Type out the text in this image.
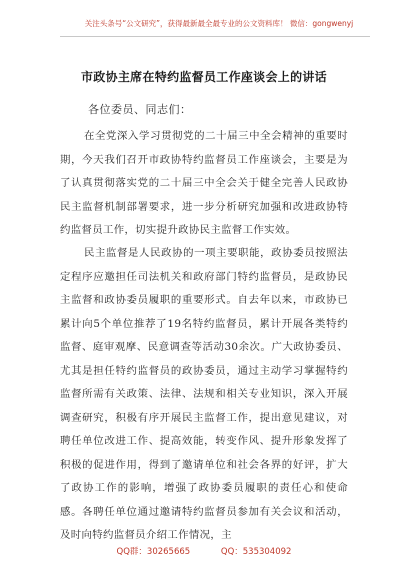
关注头条号“公文研究”，获得最新最全最专业的公文资料库！ 微信：gongwenyj
市政协主席在特约监督员工作座谈会上的讲话
各位委员、同志们：

在全党深入学习贯彻党的二十届三中全会精神的重要时期，今天我们召开市政协特约监督员工作座谈会，主要是为了认真贯彻落实党的二十届三中全会关于健全完善人民政协民主监督机制部署要求，进一步分析研究加强和改进政协特约监督员工作，切实提升政协民主监督工作实效。

民主监督是人民政协的一项主要职能，政协委员按照法定程序应邀担任司法机关和政府部门特约监督员，是政协民主监督和政协委员履职的重要形式。自去年以来，市政协已累计向5个单位推荐了19名特约监督员，累计开展各类特约监督、庭审观摩、民意调查等活动30余次。广大政协委员、尤其是担任特约监督员的政协委员，通过主动学习掌握特约监督所需有关政策、法律、法规和相关专业知识，深入开展调查研究，积极有序开展民主监督工作，提出意见建议，对聘任单位改进工作、提高效能，转变作风、提升形象发挥了积极的促进作用，得到了邀请单位和社会各界的好评，扩大了政协工作的影响，增强了政协委员履职的责任心和使命感。各聘任单位通过邀请特约监督员参加有关会议和活动，及时向特约监督员介绍工作情况，主

QQ群：30265665	QQ：535304092
